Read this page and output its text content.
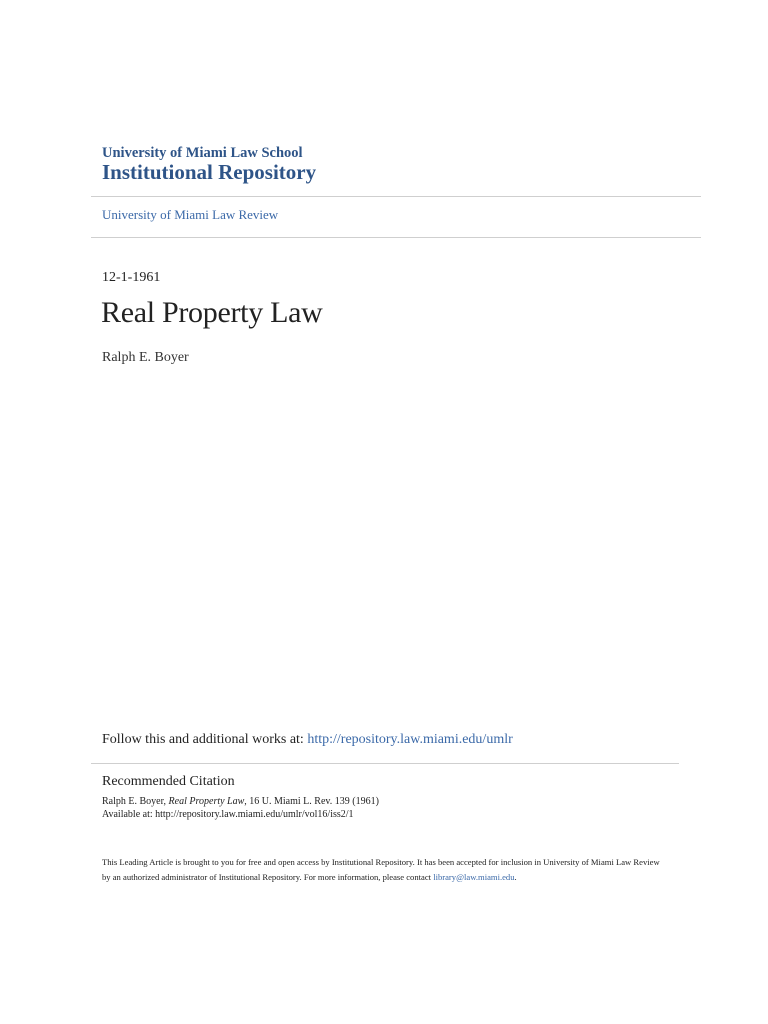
University of Miami Law School
Institutional Repository
University of Miami Law Review
12-1-1961
Real Property Law
Ralph E. Boyer
Follow this and additional works at: http://repository.law.miami.edu/umlr
Recommended Citation
Ralph E. Boyer, Real Property Law, 16 U. Miami L. Rev. 139 (1961)
Available at: http://repository.law.miami.edu/umlr/vol16/iss2/1
This Leading Article is brought to you for free and open access by Institutional Repository. It has been accepted for inclusion in University of Miami Law Review by an authorized administrator of Institutional Repository. For more information, please contact library@law.miami.edu.
